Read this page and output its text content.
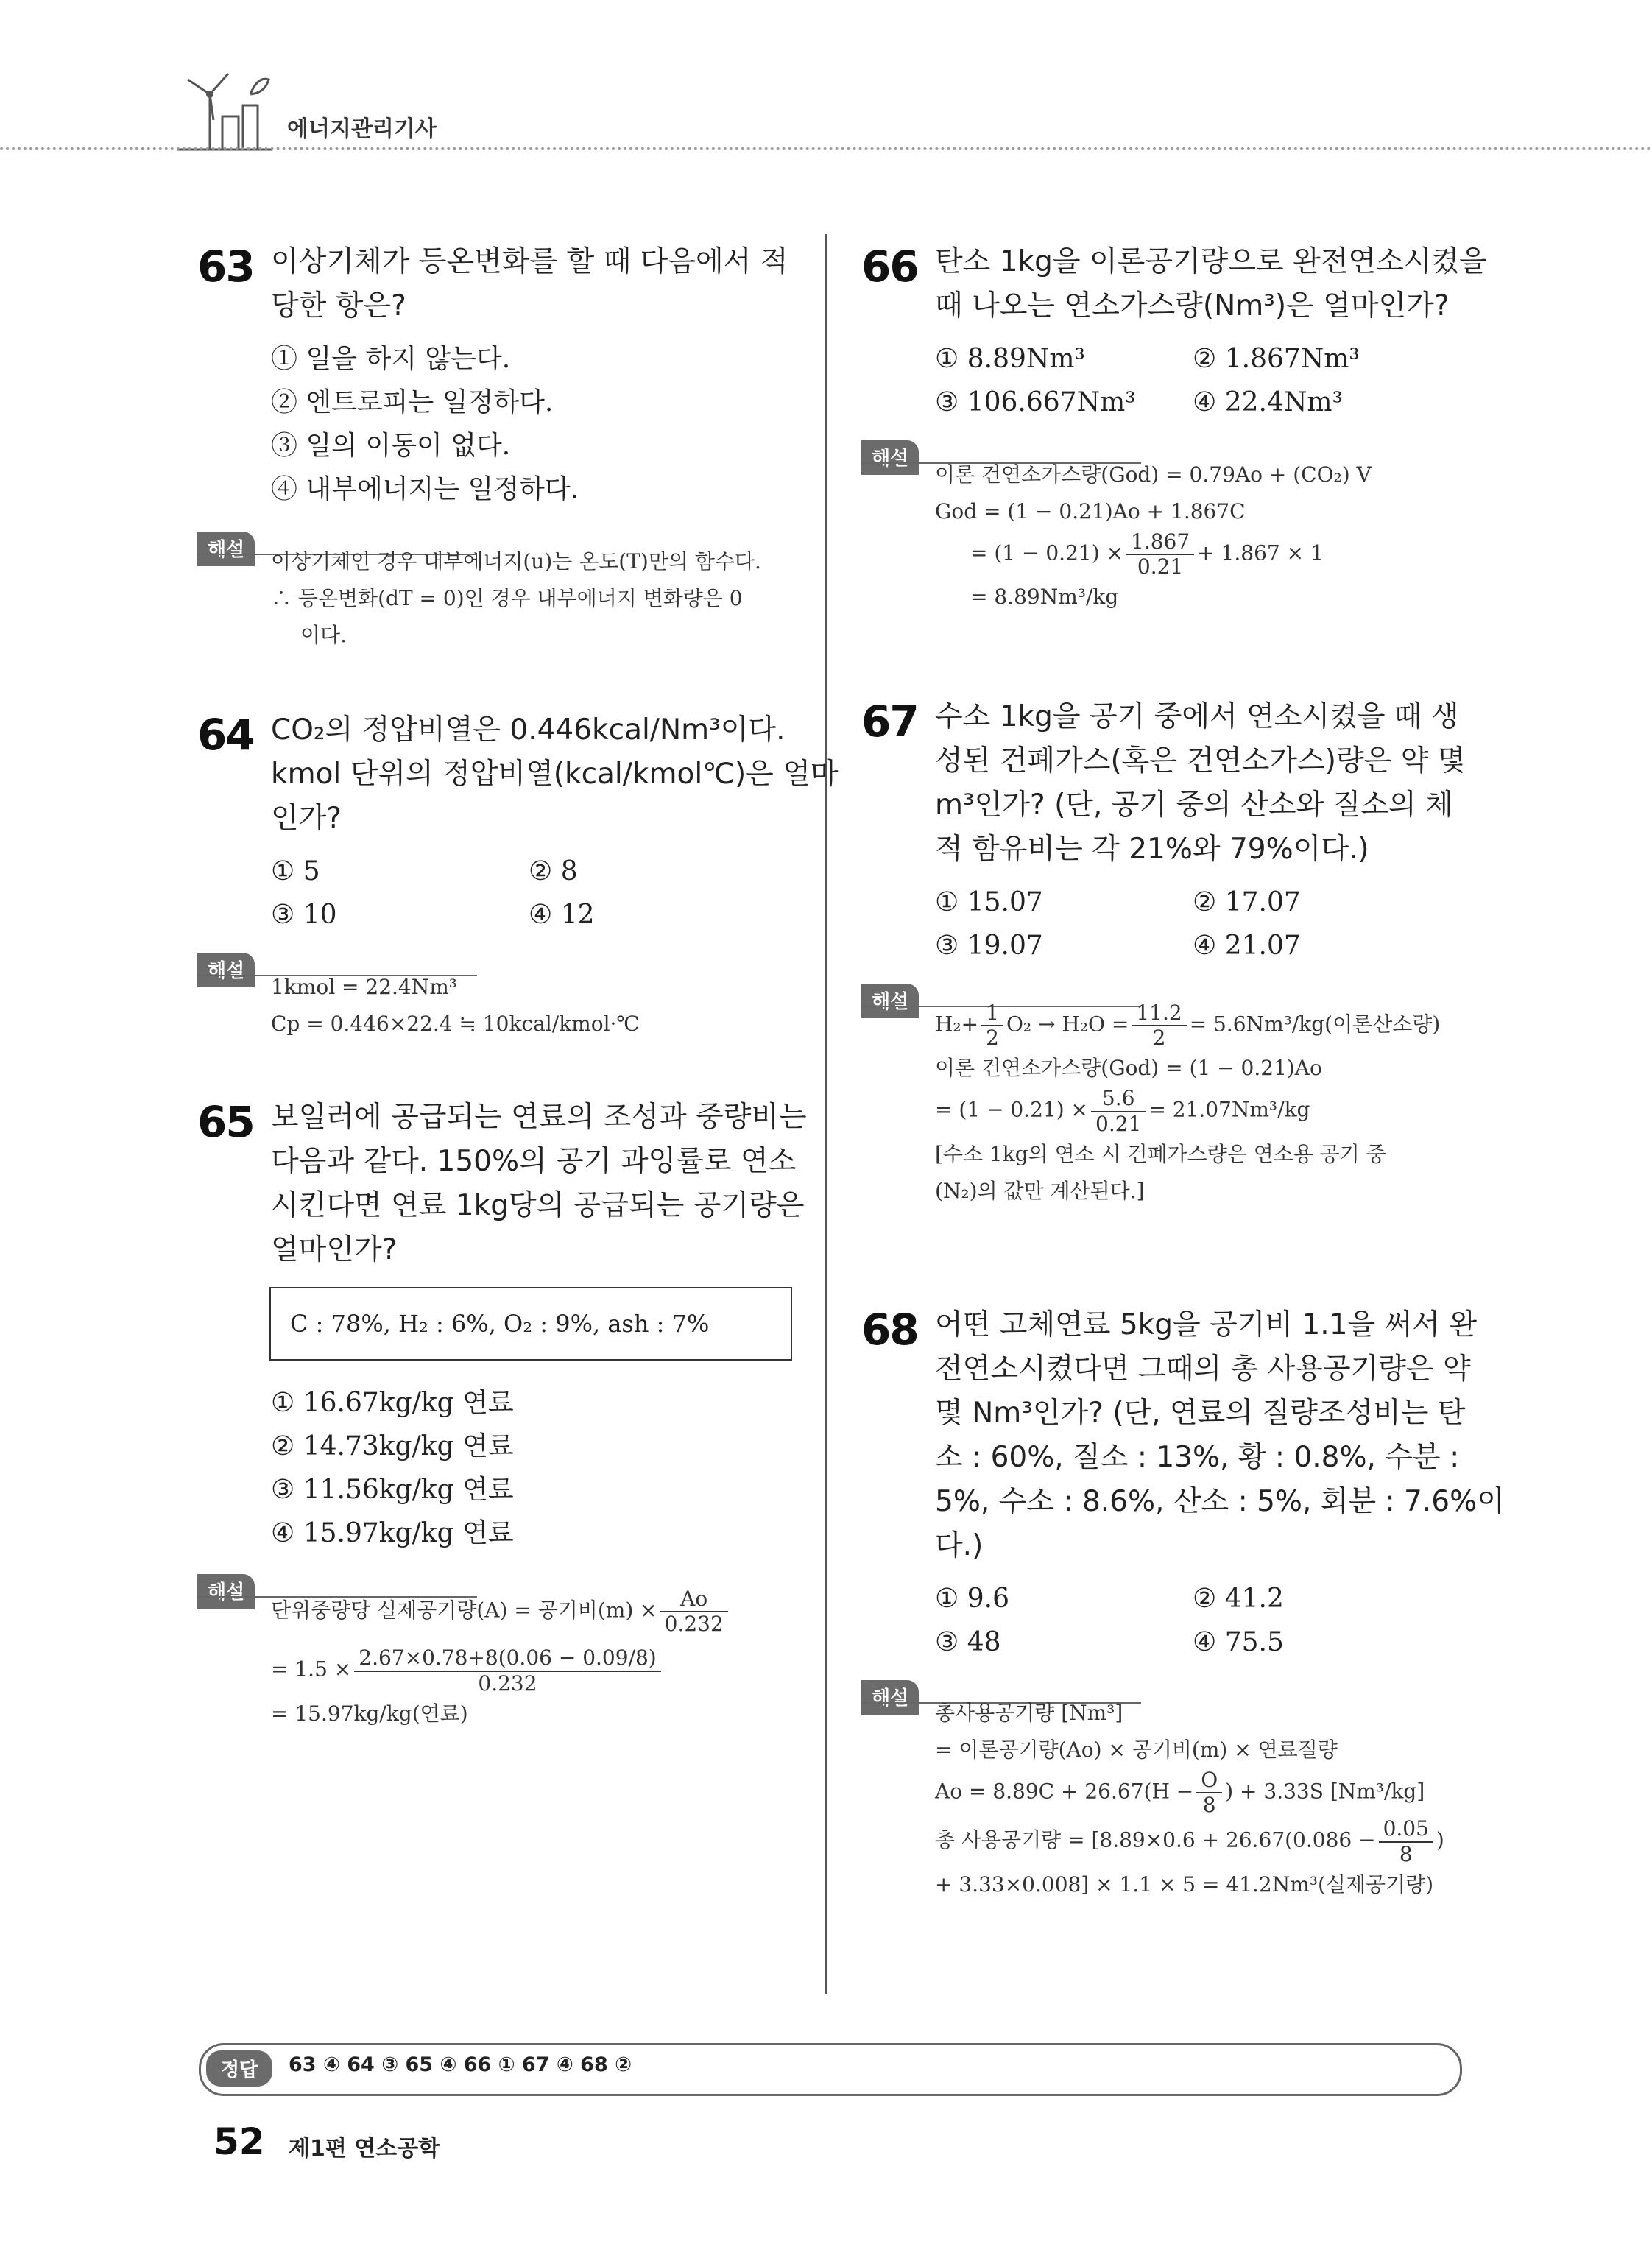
에너지관리기사
63 이상기체가 등온변화를 할 때 다음에서 적
당한 항은?
① 일을 하지 않는다.
② 엔트로피는 일정하다.
③ 일의 이동이 없다.
④ 내부에너지는 일정하다.
해설	이상기체인 경우 내부에너지(u)는 온도(T)만의 함수다.
∴ 등온변화(dT = 0)인 경우 내부에너지 변화량은 0
이다.
64 CO₂의 정압비열은 0.446kcal/Nm³이다.
kmol 단위의 정압비열(kcal/kmol℃)은 얼마
인가?
① 5	② 8
③ 10	④ 12
해설
1kmol = 22.4Nm³
Cp = 0.446×22.4 ≒ 10kcal/kmol·℃
65 보일러에 공급되는 연료의 조성과 중량비는
다음과 같다. 150%의 공기 과잉률로 연소
시킨다면 연료 1kg당의 공급되는 공기량은
얼마인가?
C : 78%, H₂ : 6%, O₂ : 9%, ash : 7%
① 16.67kg/kg 연료
② 14.73kg/kg 연료
③ 11.56kg/kg 연료
④ 15.97kg/kg 연료
해설
단위중량당 실제공기량(A) = 공기비$(m) \times \frac{Ao}{0.232}$
= $1.5 \times \frac{2.67\times 0.78+8(0.06 - 0.09/8)}{0.232}$
= 15.97kg/kg(연료)
66 탄소 1kg을 이론공기량으로 완전연소시켰을
때 나오는 연소가스량(Nm³)은 얼마인가?
① 8.89Nm³	② 1.867Nm³
③ 106.667Nm³ ④ 22.4Nm³
해설
이론 건연소가스량(God) = 0.79Ao + (CO₂) V
God = (1 − 0.21)Ao + 1.867C
= $(1 - 0.21) \times \frac{1.867}{0.21} + 1.867 \times 1$
= 8.89Nm³/kg
67 수소 1kg을 공기 중에서 연소시켰을 때 생
성된 건폐가스(혹은 건연소가스)량은 약 몇
m³인가? (단, 공기 중의 산소와 질소의 체
적 함유비는 각 21%와 79%이다.)
① 15.07	② 17.07
③ 19.07	④ 21.07
해설
$H_2+ \frac{1}{2} O_2 \to H_2O = \frac{11.2}{2} = 5.6Nm^3/kg$(이론산소량)
이론 건연소가스량(God) = (1 − 0.21)Ao
= $(1 - 0.21) \times \frac{5.6}{0.21} = 21.07Nm^3/kg$
[수소 1kg의 연소 시 건폐가스량은 연소용 공기 중
(N₂)의 값만 계산된다.]
68 어떤 고체연료 5kg을 공기비 1.1을 써서 완
전연소시켰다면 그때의 총 사용공기량은 약
몇 Nm³인가? (단, 연료의 질량조성비는 탄
소 : 60%, 질소 : 13%, 황 : 0.8%, 수분 :
5%, 수소 : 8.6%, 산소 : 5%, 회분 : 7.6%이
다.)
① 9.6	② 41.2
③ 48	④ 75.5
해설
총사용공기량 [Nm³]
= 이론공기량(Ao) × 공기비(m) × 연료질량
$Ao = 8.89C + 26.67(H - \frac{O}{8}$ ) + 3.33S [Nm³/kg]
총 사용공기량 = [$8.89\times 0.6 + 26.67(0.086 - \frac{0.05}{8}$ )
+ 3.33×0.008] × 1.1 × 5 = 41.2Nm³(실제공기량)
정답	63 ④ 64 ③ 65 ④ 66 ① 67 ④ 68 ②
52 제1편 연소공학
